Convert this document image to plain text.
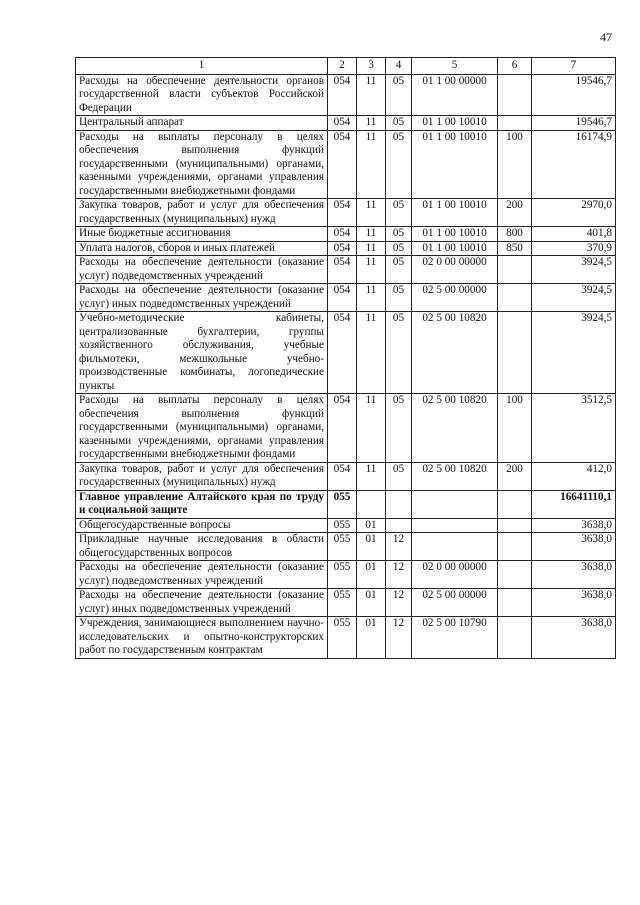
47
1	2	3	4	5	6	7
Расходы на обеспечение деятельности органов государственной власти субъектов Российской Федерации	054	11	05	01 1 00 00000		19546,7
Центральный аппарат	054	11	05	01 1 00 10010		19546,7
Расходы на выплаты персоналу в целях обеспечения выполнения функций государственными (муниципальными) органами, казенными учреждениями, органами управления государственными внебюджетными фондами	054	11	05	01 1 00 10010	100	16174,9
Закупка товаров, работ и услуг для обеспечения государственных (муниципальных) нужд	054	11	05	01 1 00 10010	200	2970,0
Иные бюджетные ассигнования	054	11	05	01 1 00 10010	800	401,8
Уплата налогов, сборов и иных платежей	054	11	05	01 1 00 10010	850	370,9
Расходы на обеспечение деятельности (оказание услуг) подведомственных учреждений	054	11	05	02 0 00 00000		3924,5
Расходы на обеспечение деятельности (оказание услуг) иных подведомственных учреждений	054	11	05	02 5 00 00000		3924,5
Учебно-методические кабинеты, централизованные бухгалтерии, группы хозяйственного обслуживания, учебные фильмотеки, межшкольные учебно-производственные комбинаты, логопедические пункты	054	11	05	02 5 00 10820		3924,5
Расходы на выплаты персоналу в целях обеспечения выполнения функций государственными (муниципальными) органами, казенными учреждениями, органами управления государственными внебюджетными фондами	054	11	05	02 5 00 10820	100	3512,5
Закупка товаров, работ и услуг для обеспечения государственных (муниципальных) нужд	054	11	05	02 5 00 10820	200	412,0
Главное управление Алтайского края по труду и социальной защите	055					16641110,1
Общегосударственные вопросы	055	01				3638,0
Прикладные научные исследования в области общегосударственных вопросов	055	01	12			3638,0
Расходы на обеспечение деятельности (оказание услуг) подведомственных учреждений	055	01	12	02 0 00 00000		3638,0
Расходы на обеспечение деятельности (оказание услуг) иных подведомственных учреждений	055	01	12	02 5 00 00000		3638,0
Учреждения, занимающиеся выполнением научно-исследовательских и опытно-конструкторских работ по государственным контрактам	055	01	12	02 5 00 10790		3638,0
